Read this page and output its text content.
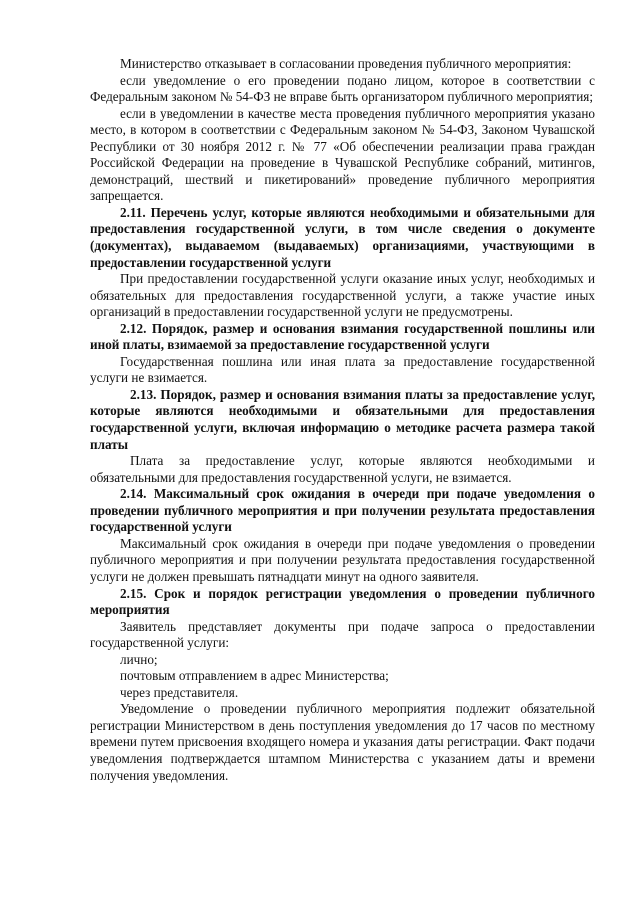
Министерство отказывает в согласовании проведения публичного мероприятия:

если уведомление о его проведении подано лицом, которое в соответствии с Федеральным законом № 54-ФЗ не вправе быть организатором публичного мероприятия;

если в уведомлении в качестве места проведения публичного мероприятия указано место, в котором в соответствии с Федеральным законом № 54-ФЗ, Законом Чувашской Республики от 30 ноября 2012 г. № 77 «Об обеспечении реализации права граждан Российской Федерации на проведение в Чувашской Республике собраний, митингов, демонстраций, шествий и пикетирований» проведение публичного мероприятия запрещается.

2.11. Перечень услуг, которые являются необходимыми и обязательными для предоставления государственной услуги, в том числе сведения о документе (документах), выдаваемом (выдаваемых) организациями, участвующими в предоставлении государственной услуги

При предоставлении государственной услуги оказание иных услуг, необходимых и обязательных для предоставления государственной услуги, а также участие иных организаций в предоставлении государственной услуги не предусмотрены.

2.12. Порядок, размер и основания взимания государственной пошлины или иной платы, взимаемой за предоставление государственной услуги

Государственная пошлина или иная плата за предоставление государственной услуги не взимается.

2.13. Порядок, размер и основания взимания платы за предоставление услуг, которые являются необходимыми и обязательными для предоставления государственной услуги, включая информацию о методике расчета размера такой платы

Плата за предоставление услуг, которые являются необходимыми и обязательными для предоставления государственной услуги, не взимается.

2.14. Максимальный срок ожидания в очереди при подаче уведомления о проведении публичного мероприятия и при получении результата предоставления государственной услуги

Максимальный срок ожидания в очереди при подаче уведомления о проведении публичного мероприятия и при получении результата предоставления государственной услуги не должен превышать пятнадцати минут на одного заявителя.

2.15. Срок и порядок регистрации уведомления о проведении публичного мероприятия

Заявитель представляет документы при подаче запроса о предоставлении государственной услуги:

лично;

почтовым отправлением в адрес Министерства;

через представителя.

Уведомление о проведении публичного мероприятия подлежит обязательной регистрации Министерством в день поступления уведомления до 17 часов по местному времени путем присвоения входящего номера и указания даты регистрации. Факт подачи уведомления подтверждается штампом Министерства с указанием даты и времени получения уведомления.
